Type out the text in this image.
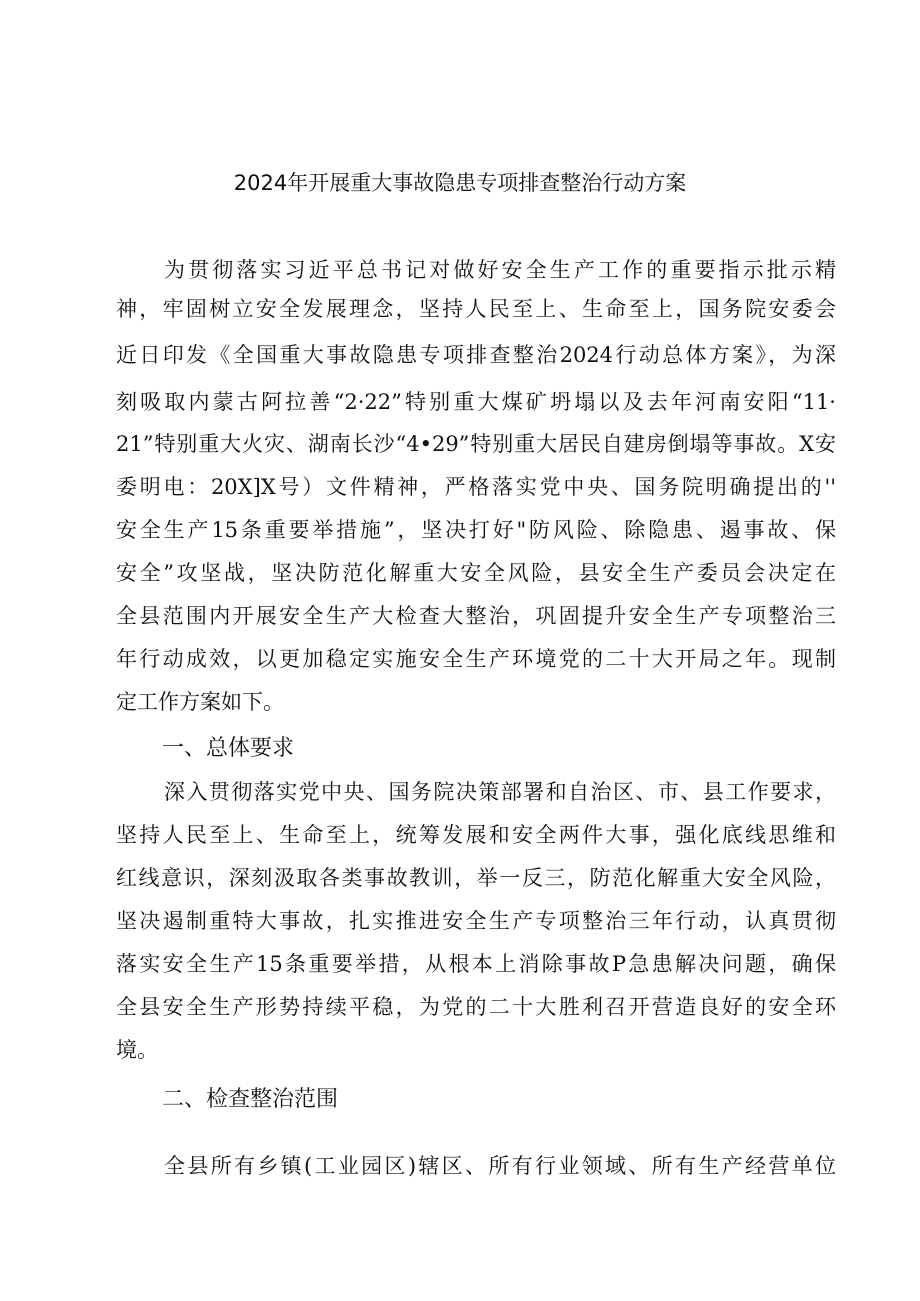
2024年开展重大事故隐患专项排查整治行动方案
为贯彻落实习近平总书记对做好安全生产工作的重要指示批示精
神，牢固树立安全发展理念，坚持人民至上、生命至上，国务院安委会
近日印发《全国重大事故隐患专项排查整治2024行动总体方案》，为深
刻吸取内蒙古阿拉善“2·22”特别重大煤矿坍塌以及去年河南安阳“11·
21”特别重大火灾、湖南长沙“4•29”特别重大居民自建房倒塌等事故。X安
委明电：20X]X号）文件精神，严格落实党中央、国务院明确提出的''
安全生产15条重要举措施”，坚决打好"防风险、除隐患、遏事故、保
安全”攻坚战，坚决防范化解重大安全风险，县安全生产委员会决定在
全县范围内开展安全生产大检查大整治，巩固提升安全生产专项整治三
年行动成效，以更加稳定实施安全生产环境党的二十大开局之年。现制
定工作方案如下。
一、总体要求
深入贯彻落实党中央、国务院决策部署和自治区、市、县工作要求，
坚持人民至上、生命至上，统筹发展和安全两件大事，强化底线思维和
红线意识，深刻汲取各类事故教训，举一反三，防范化解重大安全风险，
坚决遏制重特大事故，扎实推进安全生产专项整治三年行动，认真贯彻
落实安全生产15条重要举措，从根本上消除事故P急患解决问题，确保
全县安全生产形势持续平稳，为党的二十大胜利召开营造良好的安全环
境。
二、检查整治范围
全县所有乡镇(工业园区)辖区、所有行业领域、所有生产经营单位
